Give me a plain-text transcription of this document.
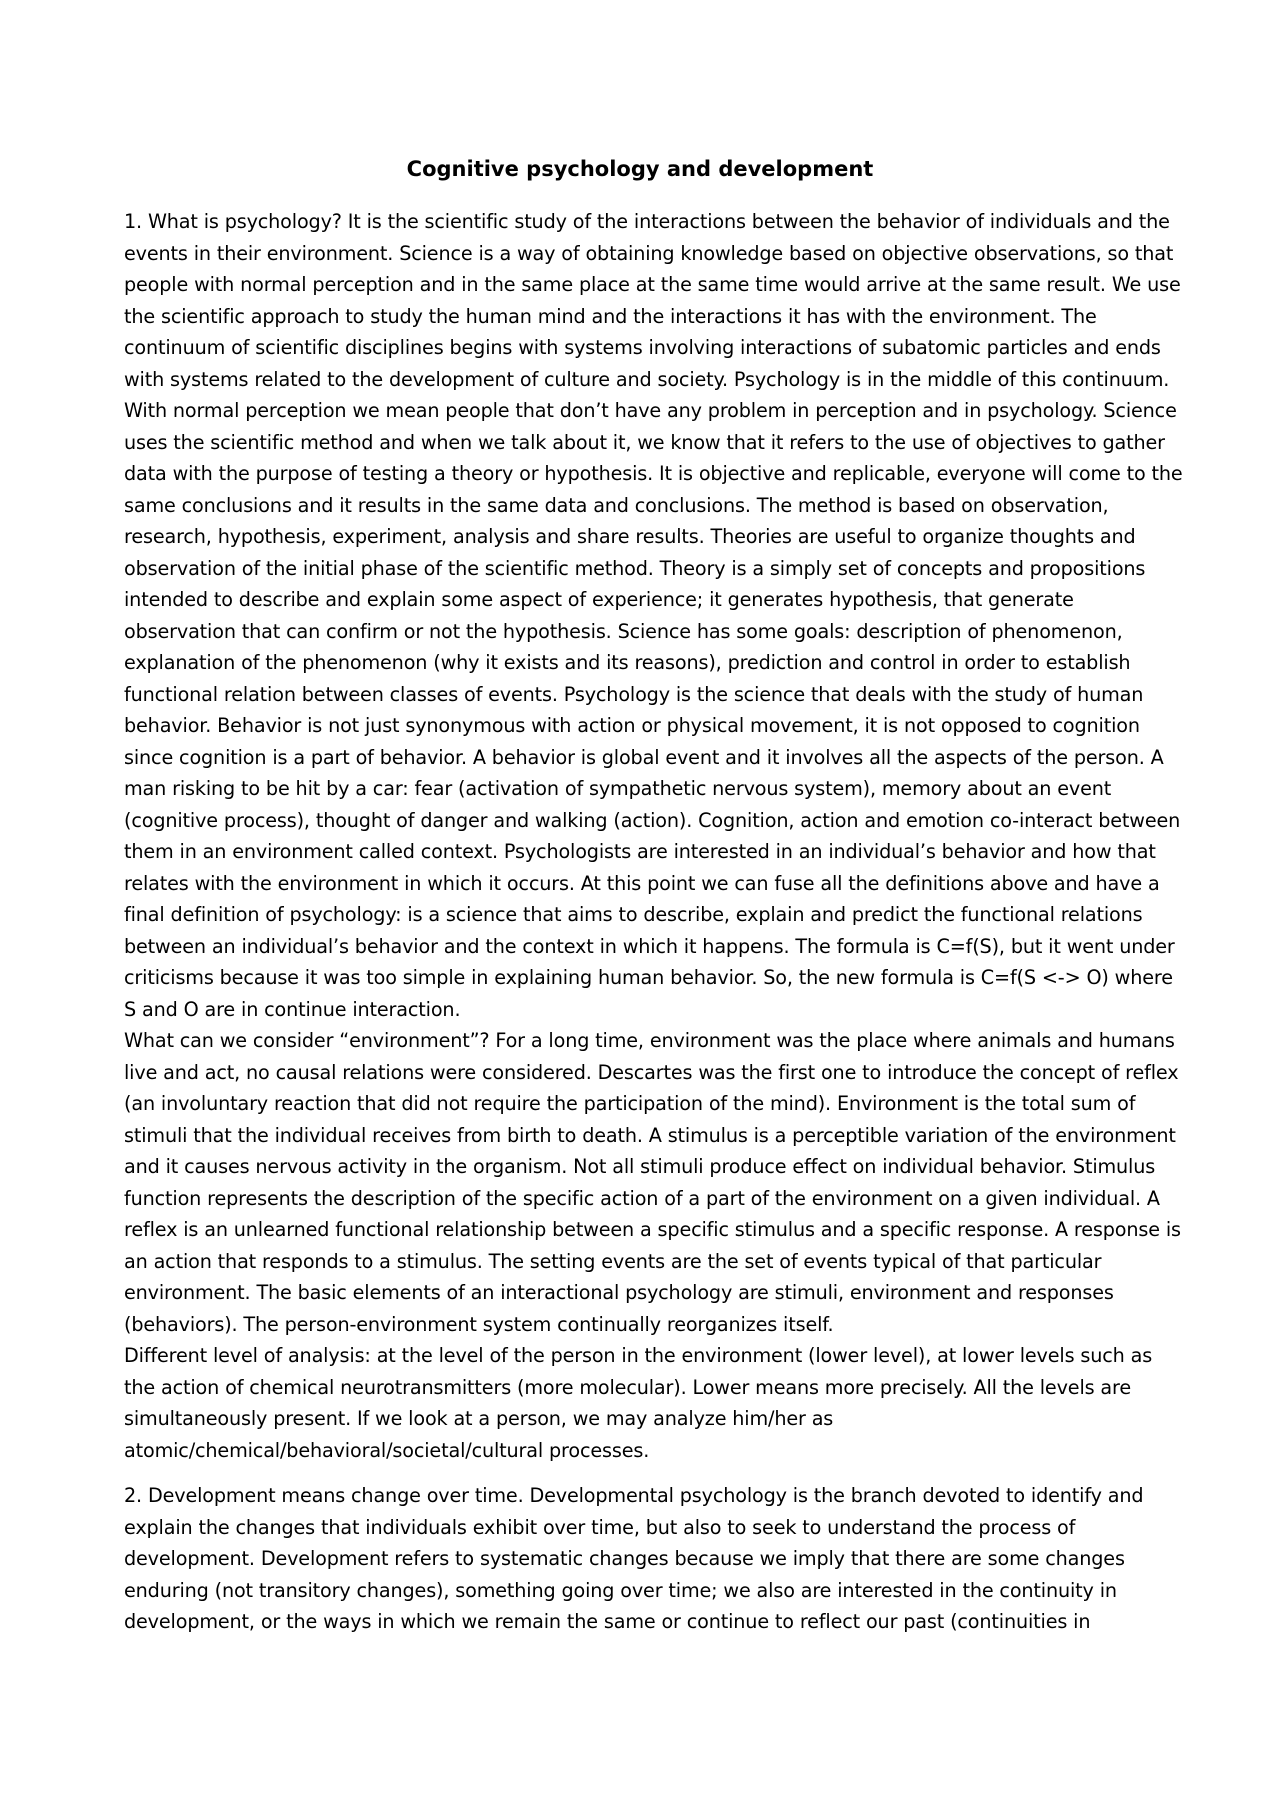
Cognitive psychology and development

1. What is psychology? It is the scientific study of the interactions between the behavior of individuals and the events in their environment. Science is a way of obtaining knowledge based on objective observations, so that people with normal perception and in the same place at the same time would arrive at the same result. We use the scientific approach to study the human mind and the interactions it has with the environment. The continuum of scientific disciplines begins with systems involving interactions of subatomic particles and ends with systems related to the development of culture and society. Psychology is in the middle of this continuum. With normal perception we mean people that don’t have any problem in perception and in psychology. Science uses the scientific method and when we talk about it, we know that it refers to the use of objectives to gather data with the purpose of testing a theory or hypothesis. It is objective and replicable, everyone will come to the same conclusions and it results in the same data and conclusions. The method is based on observation, research, hypothesis, experiment, analysis and share results. Theories are useful to organize thoughts and observation of the initial phase of the scientific method. Theory is a simply set of concepts and propositions intended to describe and explain some aspect of experience; it generates hypothesis, that generate observation that can confirm or not the hypothesis. Science has some goals: description of phenomenon, explanation of the phenomenon (why it exists and its reasons), prediction and control in order to establish functional relation between classes of events. Psychology is the science that deals with the study of human behavior. Behavior is not just synonymous with action or physical movement, it is not opposed to cognition since cognition is a part of behavior. A behavior is global event and it involves all the aspects of the person. A man risking to be hit by a car: fear (activation of sympathetic nervous system), memory about an event (cognitive process), thought of danger and walking (action). Cognition, action and emotion co-interact between them in an environment called context. Psychologists are interested in an individual’s behavior and how that relates with the environment in which it occurs. At this point we can fuse all the definitions above and have a final definition of psychology: is a science that aims to describe, explain and predict the functional relations between an individual’s behavior and the context in which it happens. The formula is C=f(S), but it went under criticisms because it was too simple in explaining human behavior. So, the new formula is C=f(S <-> O) where S and O are in continue interaction.

What can we consider “environment”? For a long time, environment was the place where animals and humans live and act, no causal relations were considered. Descartes was the first one to introduce the concept of reflex (an involuntary reaction that did not require the participation of the mind). Environment is the total sum of stimuli that the individual receives from birth to death. A stimulus is a perceptible variation of the environment and it causes nervous activity in the organism. Not all stimuli produce effect on individual behavior. Stimulus function represents the description of the specific action of a part of the environment on a given individual. A reflex is an unlearned functional relationship between a specific stimulus and a specific response. A response is an action that responds to a stimulus. The setting events are the set of events typical of that particular environment. The basic elements of an interactional psychology are stimuli, environment and responses (behaviors). The person-environment system continually reorganizes itself.

Different level of analysis: at the level of the person in the environment (lower level), at lower levels such as the action of chemical neurotransmitters (more molecular). Lower means more precisely. All the levels are simultaneously present. If we look at a person, we may analyze him/her as atomic/chemical/behavioral/societal/cultural processes.

2. Development means change over time. Developmental psychology is the branch devoted to identify and explain the changes that individuals exhibit over time, but also to seek to understand the process of development. Development refers to systematic changes because we imply that there are some changes enduring (not transitory changes), something going over time; we also are interested in the continuity in development, or the ways in which we remain the same or continue to reflect our past (continuities in
